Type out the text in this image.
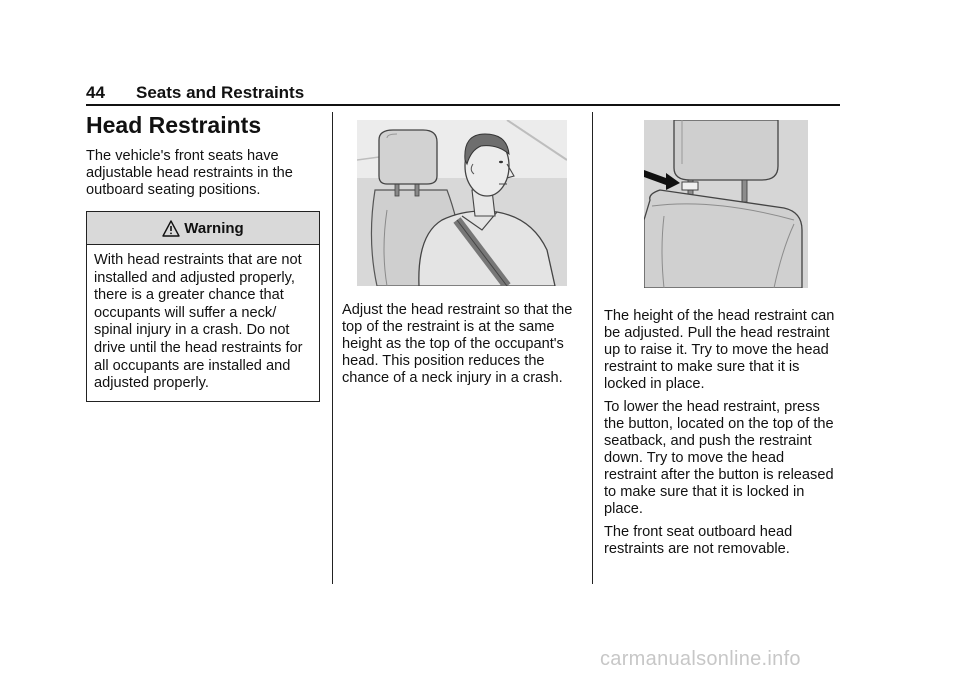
44 Seats and Restraints
Head Restraints

The vehicle's front seats have adjustable head restraints in the outboard seating positions.

Warning
With head restraints that are not installed and adjusted properly, there is a greater chance that occupants will suffer a neck/ spinal injury in a crash. Do not drive until the head restraints for all occupants are installed and adjusted properly.

Adjust the head restraint so that the top of the restraint is at the same height as the top of the occupant's head. This position reduces the chance of a neck injury in a crash.

The height of the head restraint can be adjusted. Pull the head restraint up to raise it. Try to move the head restraint to make sure that it is locked in place.

To lower the head restraint, press the button, located on the top of the seatback, and push the restraint down. Try to move the head restraint after the button is released to make sure that it is locked in place.

The front seat outboard head restraints are not removable.

carmanualsonline.info
